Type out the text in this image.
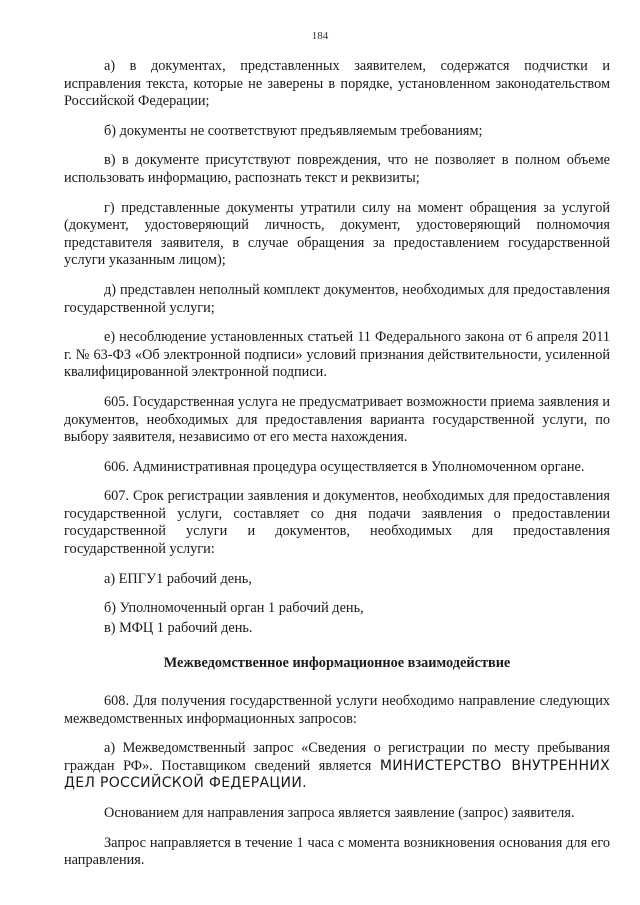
184

а) в документах, представленных заявителем, содержатся подчистки и исправления текста, которые не заверены в порядке, установленном законодательством Российской Федерации;

б) документы не соответствуют предъявляемым требованиям;

в) в документе присутствуют повреждения, что не позволяет в полном объеме использовать информацию, распознать текст и реквизиты;

г) представленные документы утратили силу на момент обращения за услугой (документ, удостоверяющий личность, документ, удостоверяющий полномочия представителя заявителя, в случае обращения за предоставлением государственной услуги указанным лицом);

д) представлен неполный комплект документов, необходимых для предоставления государственной услуги;

е) несоблюдение установленных статьей 11 Федерального закона от 6 апреля 2011 г. № 63-ФЗ «Об электронной подписи» условий признания действительности, усиленной квалифицированной электронной подписи.

605. Государственная услуга не предусматривает возможности приема заявления и документов, необходимых для предоставления варианта государственной услуги, по выбору заявителя, независимо от его места нахождения.

606. Административная процедура осуществляется в Уполномоченном органе.

607. Срок регистрации заявления и документов, необходимых для предоставления государственной услуги, составляет со дня подачи заявления о предоставлении государственной услуги и документов, необходимых для предоставления государственной услуги:

а) ЕПГУ1 рабочий день,

б) Уполномоченный орган 1 рабочий день,

в) МФЦ 1 рабочий день.

Межведомственное информационное взаимодействие

608. Для получения государственной услуги необходимо направление следующих межведомственных информационных запросов:

а) Межведомственный запрос «Сведения о регистрации по месту пребывания граждан РФ». Поставщиком сведений является МИНИСТЕРСТВО ВНУТРЕННИХ ДЕЛ РОССИЙСКОЙ ФЕДЕРАЦИИ.

Основанием для направления запроса является заявление (запрос) заявителя.

Запрос направляется в течение 1 часа с момента возникновения основания для его направления.
